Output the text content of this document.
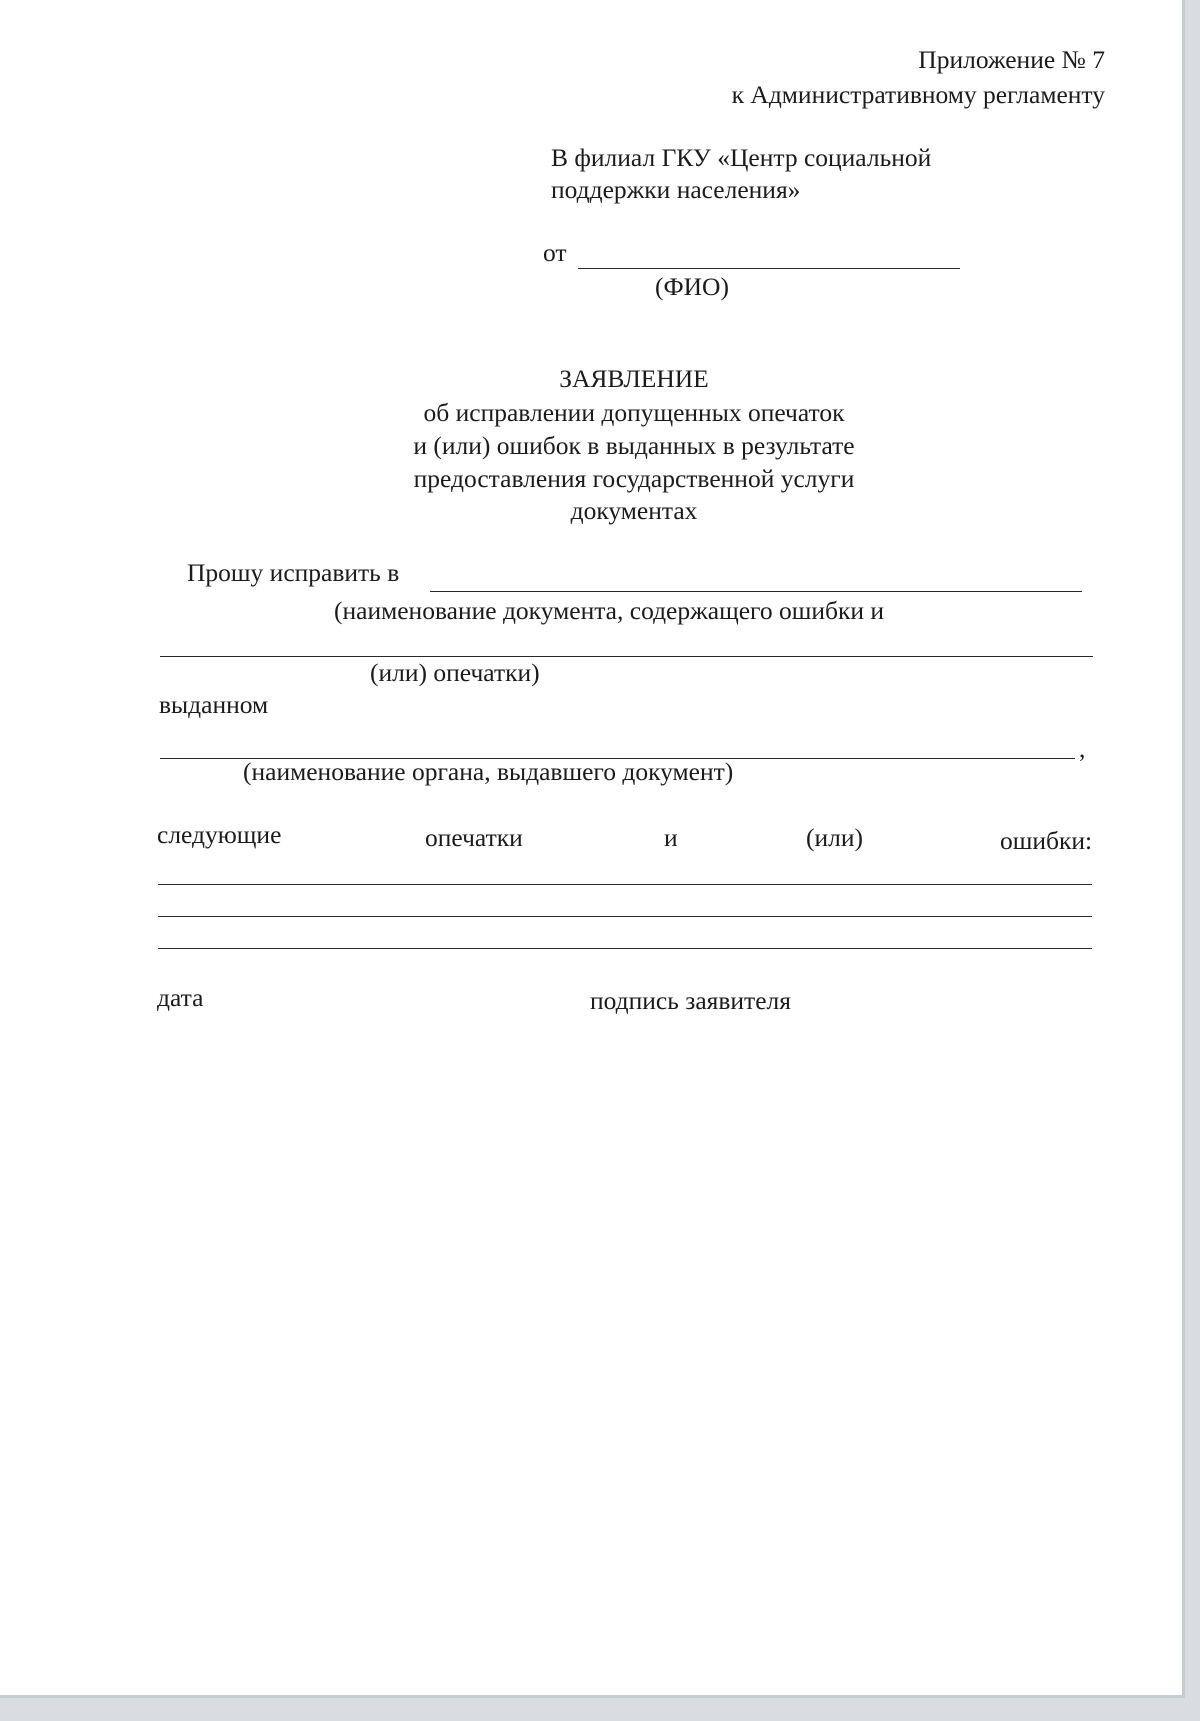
Приложение № 7
к Административному регламенту
В филиал ГКУ «Центр социальной
поддержки населения»
от
(ФИО)
ЗАЯВЛЕНИЕ
об исправлении допущенных опечаток
и (или) ошибок в выданных в результате
предоставления государственной услуги
документах
Прошу исправить в
(наименование документа, содержащего ошибки и
(или) опечатки)
выданном
,
(наименование органа, выдавшего документ)
следующие	опечатки	и	(или)	ошибки:
дата	подпись заявителя
